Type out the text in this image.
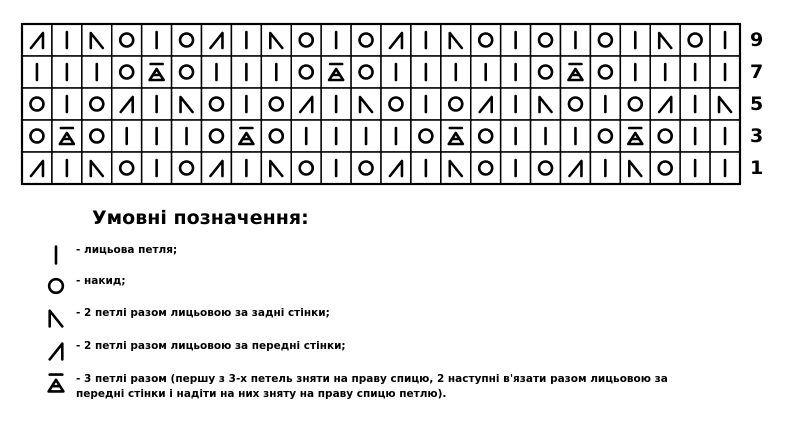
9
7
5
3
1
Умовні позначення:
- лицьова петля;
- накид;
- 2 петлі разом лицьовою за задні стінки;
- 2 петлі разом лицьовою за передні стінки;
- 3 петлі разом (першу з 3-х петель зняти на праву спицю, 2 наступні в'язати разом лицьовою за передні стінки і надіти на них зняту на праву спицю петлю).
